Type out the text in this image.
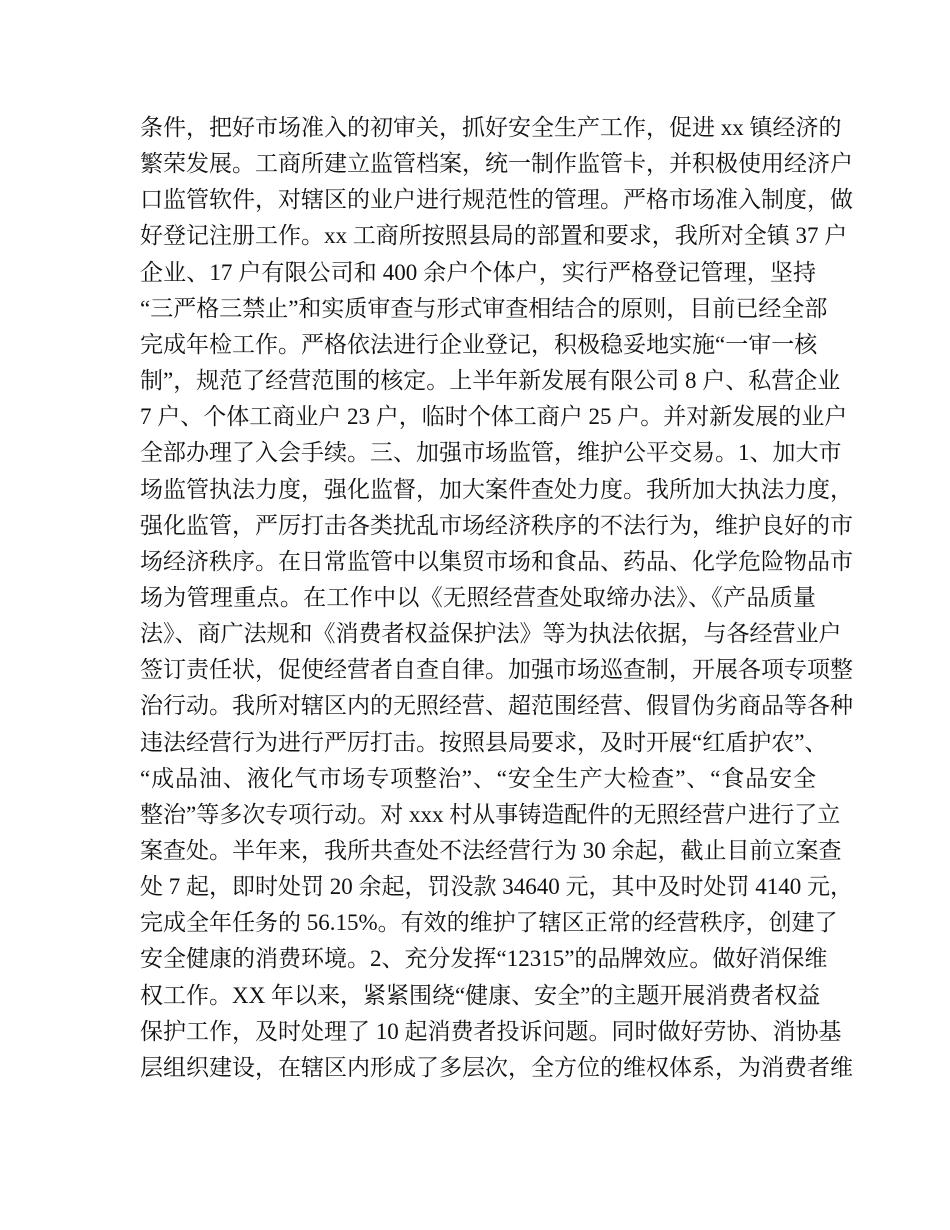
条件，把好市场准入的初审关，抓好安全生产工作，促进 xx 镇经济的
繁荣发展。工商所建立监管档案，统一制作监管卡，并积极使用经济户
口监管软件，对辖区的业户进行规范性的管理。严格市场准入制度，做
好登记注册工作。xx 工商所按照县局的部置和要求，我所对全镇 37 户
企业、17 户有限公司和 400 余户个体户，实行严格登记管理，坚持
“三严格三禁止”和实质审查与形式审查相结合的原则，目前已经全部
完成年检工作。严格依法进行企业登记，积极稳妥地实施“一审一核
制”，规范了经营范围的核定。上半年新发展有限公司 8 户、私营企业
7 户、个体工商业户 23 户，临时个体工商户 25 户。并对新发展的业户
全部办理了入会手续。三、加强市场监管，维护公平交易。1、加大市
场监管执法力度，强化监督，加大案件查处力度。我所加大执法力度，
强化监管，严厉打击各类扰乱市场经济秩序的不法行为，维护良好的市
场经济秩序。在日常监管中以集贸市场和食品、药品、化学危险物品市
场为管理重点。在工作中以《无照经营查处取缔办法》、《产品质量
法》、商广法规和《消费者权益保护法》等为执法依据，与各经营业户
签订责任状，促使经营者自查自律。加强市场巡查制，开展各项专项整
治行动。我所对辖区内的无照经营、超范围经营、假冒伪劣商品等各种
违法经营行为进行严厉打击。按照县局要求，及时开展“红盾护农”、
“成品油、液化气市场专项整治”、“安全生产大检查”、“食品安全
整治”等多次专项行动。对 xxx 村从事铸造配件的无照经营户进行了立
案查处。半年来，我所共查处不法经营行为 30 余起，截止目前立案查
处 7 起，即时处罚 20 余起，罚没款 34640 元，其中及时处罚 4140 元，
完成全年任务的 56.15%。有效的维护了辖区正常的经营秩序，创建了
安全健康的消费环境。2、充分发挥“12315”的品牌效应。做好消保维
权工作。XX 年以来，紧紧围绕“健康、安全”的主题开展消费者权益
保护工作，及时处理了 10 起消费者投诉问题。同时做好劳协、消协基
层组织建设，在辖区内形成了多层次，全方位的维权体系，为消费者维
